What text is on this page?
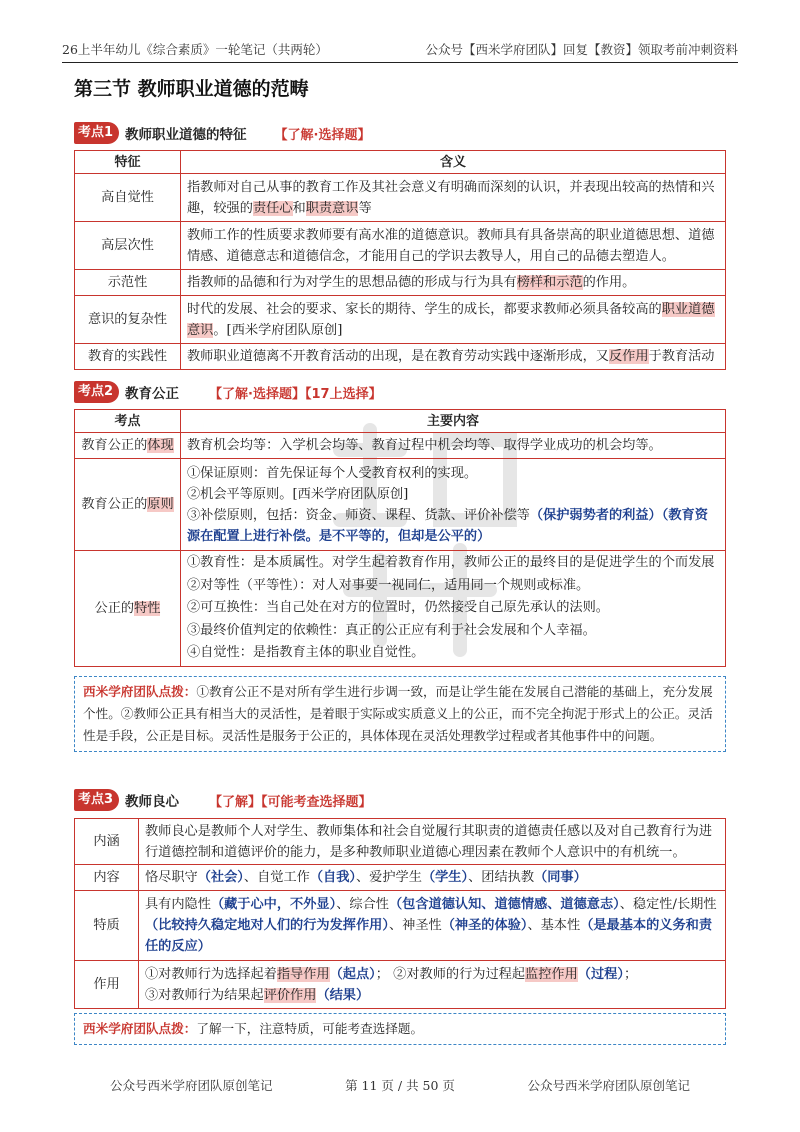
26上半年幼儿《综合素质》一轮笔记（共两轮）	公众号【西米学府团队】回复【教资】领取考前冲刺资料
第三节 教师职业道德的范畴
考点1 教师职业道德的特征 【了解·选择题】
特征	含义
高自觉性	指教师对自己从事的教育工作及其社会意义有明确而深刻的认识，并表现出较高的热情和兴趣，较强的责任心和职责意识等
高层次性	教师工作的性质要求教师要有高水准的道德意识。教师具有具备崇高的职业道德思想、道德情感、道德意志和道德信念，才能用自己的学识去教导人，用自己的品德去塑造人。
示范性	指教师的品德和行为对学生的思想品德的形成与行为具有榜样和示范的作用。
意识的复杂性	时代的发展、社会的要求、家长的期待、学生的成长，都要求教师必须具备较高的职业道德意识。[西米学府团队原创]
教育的实践性	教师职业道德离不开教育活动的出现，是在教育劳动实践中逐渐形成，又反作用于教育活动
考点2 教育公正 【了解·选择题】【17上选择】
考点	主要内容
教育公正的体现	教育机会均等：入学机会均等、教育过程中机会均等、取得学业成功的机会均等。
教育公正的原则	①保证原则：首先保证每个人受教育权利的实现。
②机会平等原则。[西米学府团队原创]
③补偿原则，包括：资金、师资、课程、货款、评价补偿等（保护弱势者的利益）（教育资源在配置上进行补偿。是不平等的，但却是公平的）

公正的特性	①教育性：是本质属性。对学生起着教育作用，教师公正的最终目的是促进学生的个而发展
②对等性（平等性）：对人对事要一视同仁，适用同一个规则或标准。
②可互换性：当自己处在对方的位置时，仍然接受自己原先承认的法则。
③最终价值判定的依赖性：真正的公正应有利于社会发展和个人幸福。
④自觉性：是指教育主体的职业自觉性。
西米学府团队点拨：①教育公正不是对所有学生进行步调一致，而是让学生能在发展自己潜能的基础上，充分发展个性。②教师公正具有相当大的灵活性，是着眼于实际或实质意义上的公正，而不完全拘泥于形式上的公正。灵活性是手段，公正是目标。灵活性是服务于公正的，具体体现在灵活处理教学过程或者其他事件中的问题。
考点3 教师良心 【了解】【可能考查选择题】
内涵	教师良心是教师个人对学生、教师集体和社会自觉履行其职责的道德责任感以及对自己教育行为进行道德控制和道德评价的能力，是多种教师职业道德心理因素在教师个人意识中的有机统一。
内容	恪尽职守（社会）、自觉工作（自我）、爱护学生（学生）、团结执教（同事）
特质	具有内隐性（藏于心中，不外显）、综合性（包含道德认知、道德情感、道德意志）、稳定性/长期性（比较持久稳定地对人们的行为发挥作用）、神圣性（神圣的体验）、基本性（是最基本的义务和责任的反应）
作用	①对教师行为选择起着指导作用（起点）； ②对教师的行为过程起监控作用（过程）；
③对教师行为结果起评价作用（结果）
西米学府团队点拨：了解一下，注意特质，可能考查选择题。
公众号西米学府团队原创笔记	第 11 页 / 共 50 页	公众号西米学府团队原创笔记
